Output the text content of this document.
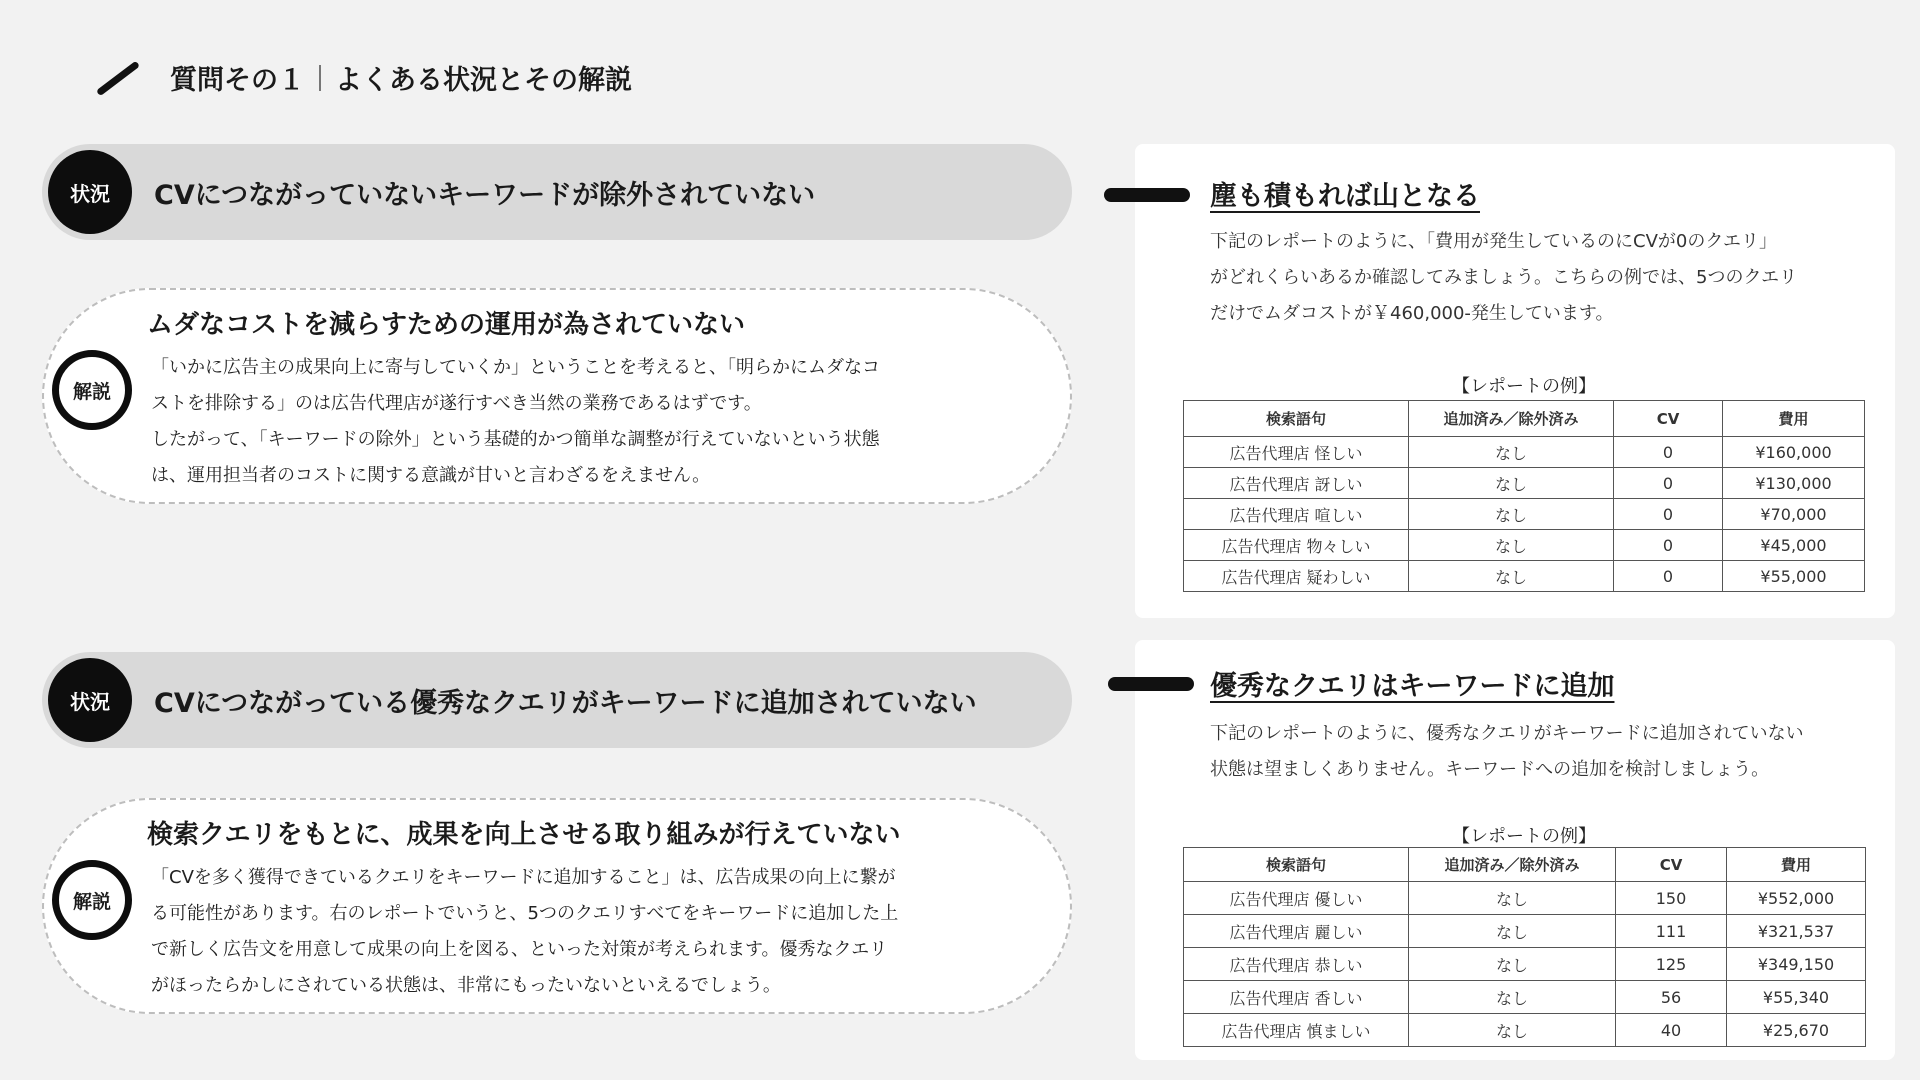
質問その１ よくある状況とその解説
状況	CVにつながっていないキーワードが除外されていない
解説
ムダなコストを減らすための運用が為されていない
「いかに広告主の成果向上に寄与していくか」ということを考えると、「明らかにムダなコ
ストを排除する」のは広告代理店が遂行すべき当然の業務であるはずです。
したがって、「キーワードの除外」という基礎的かつ簡単な調整が行えていないという状態
は、運用担当者のコストに関する意識が甘いと言わざるをえません。
塵も積もれば山となる
下記のレポートのように、「費用が発生しているのにCVが0のクエリ」
がどれくらいあるか確認してみましょう。こちらの例では、5つのクエリ
だけでムダコストが￥460,000-発生しています。
【レポートの例】
検索語句	追加済み／除外済み	CV	費用
広告代理店 怪しい	なし	0	¥160,000
広告代理店 訝しい	なし	0	¥130,000
広告代理店 喧しい	なし	0	¥70,000
広告代理店 物々しい	なし	0	¥45,000
広告代理店 疑わしい	なし	0	¥55,000
状況	CVにつながっている優秀なクエリがキーワードに追加されていない
解説
検索クエリをもとに、成果を向上させる取り組みが行えていない
「CVを多く獲得できているクエリをキーワードに追加すること」は、広告成果の向上に繋が
る可能性があります。右のレポートでいうと、5つのクエリすべてをキーワードに追加した上
で新しく広告文を用意して成果の向上を図る、といった対策が考えられます。優秀なクエリ
がほったらかしにされている状態は、非常にもったいないといえるでしょう。
優秀なクエリはキーワードに追加
下記のレポートのように、優秀なクエリがキーワードに追加されていない
状態は望ましくありません。キーワードへの追加を検討しましょう。
【レポートの例】
検索語句	追加済み／除外済み	CV	費用
広告代理店 優しい	なし	150	¥552,000
広告代理店 麗しい	なし	111	¥321,537
広告代理店 恭しい	なし	125	¥349,150
広告代理店 香しい	なし	56	¥55,340
広告代理店 慎ましい	なし	40	¥25,670
